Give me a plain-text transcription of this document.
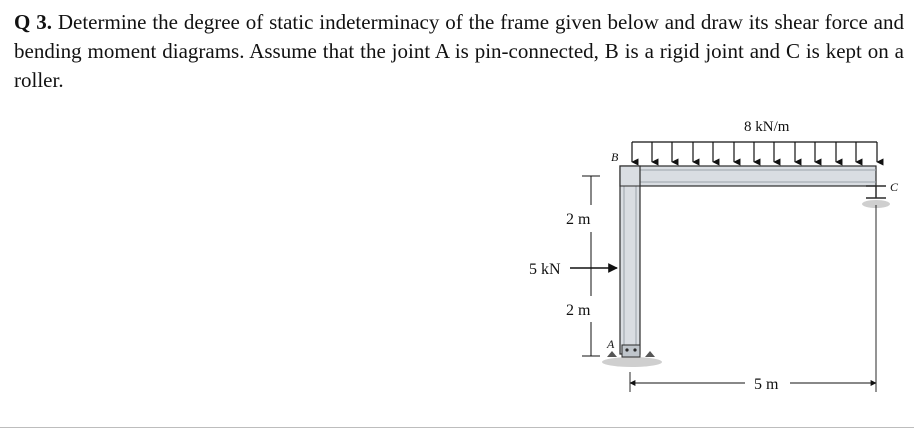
Q 3. Determine the degree of static indeterminacy of the frame given below and draw its shear force and bending moment diagrams. Assume that the joint A is pin-connected, B is a rigid joint and C is kept on a roller.
8 kN/m
B
A
C
2 m
2 m
5 kN
5 m
